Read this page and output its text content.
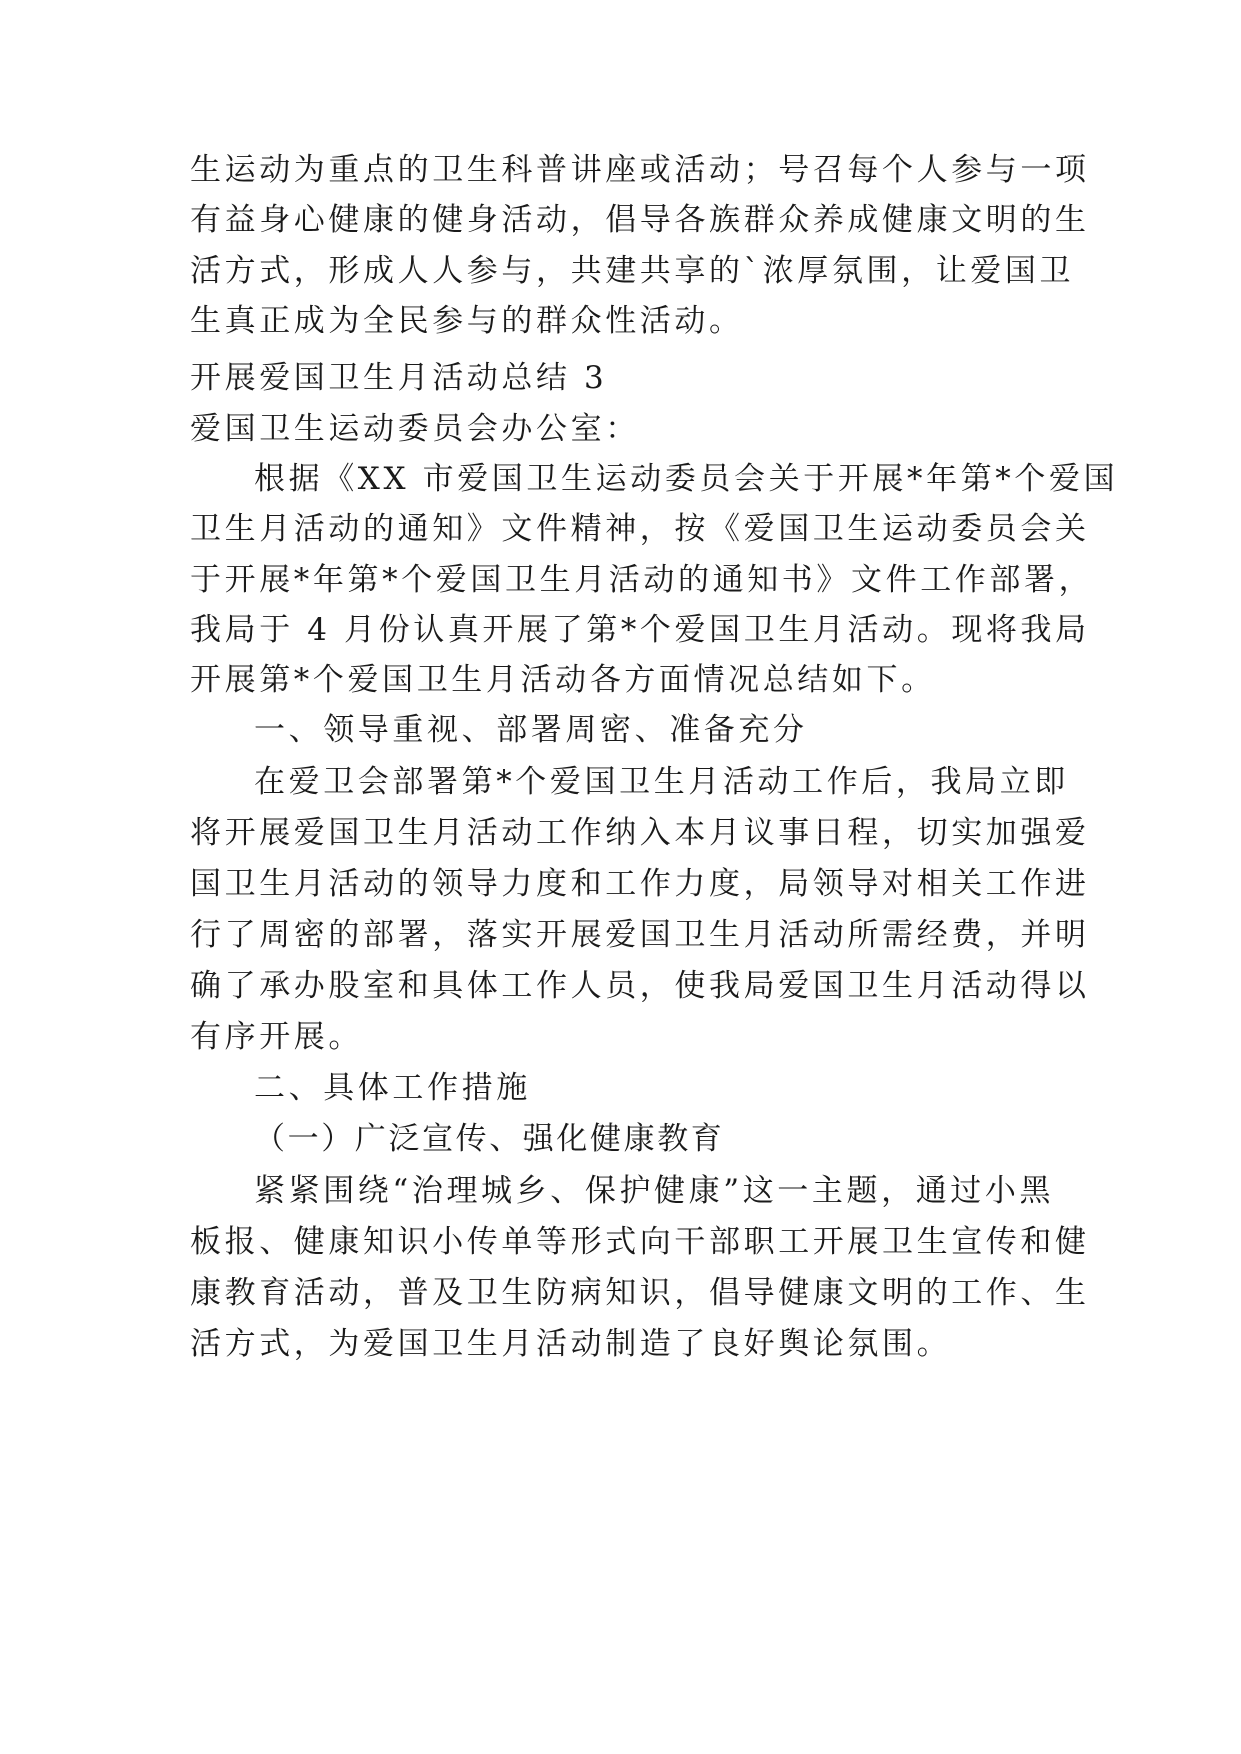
生运动为重点的卫生科普讲座或活动；号召每个人参与一项
有益身心健康的健身活动，倡导各族群众养成健康文明的生
活方式，形成人人参与，共建共享的`浓厚氛围，让爱国卫
生真正成为全民参与的群众性活动。
开展爱国卫生月活动总结 3
爱国卫生运动委员会办公室：
根据《XX 市爱国卫生运动委员会关于开展*年第*个爱国
卫生月活动的通知》文件精神，按《爱国卫生运动委员会关
于开展*年第*个爱国卫生月活动的通知书》文件工作部署，
我局于 4 月份认真开展了第*个爱国卫生月活动。现将我局
开展第*个爱国卫生月活动各方面情况总结如下。
一、领导重视、部署周密、准备充分
在爱卫会部署第*个爱国卫生月活动工作后，我局立即
将开展爱国卫生月活动工作纳入本月议事日程，切实加强爱
国卫生月活动的领导力度和工作力度，局领导对相关工作进
行了周密的部署，落实开展爱国卫生月活动所需经费，并明
确了承办股室和具体工作人员，使我局爱国卫生月活动得以
有序开展。
二、具体工作措施
（一）广泛宣传、强化健康教育
紧紧围绕“治理城乡、保护健康”这一主题，通过小黑
板报、健康知识小传单等形式向干部职工开展卫生宣传和健
康教育活动，普及卫生防病知识，倡导健康文明的工作、生
活方式，为爱国卫生月活动制造了良好舆论氛围。
